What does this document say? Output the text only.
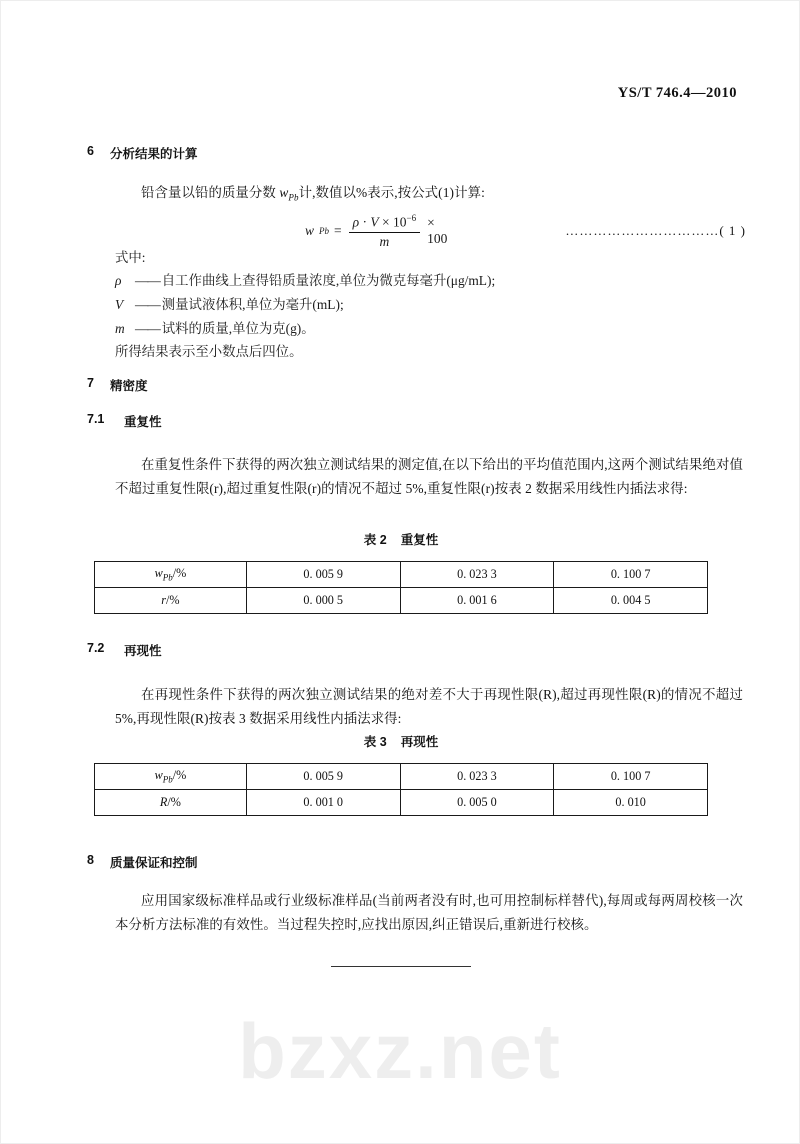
bzxz.net
YS/T 746.4—2010
6 分析结果的计算
铅含量以铅的质量分数 $w_{Pb}$计,数值以%表示,按公式(1)计算:
w $Pb = \frac{\rho \cdot V \times 10^{-6}}{m} \times 100$
……………………………( 1 )
式中:
ρ	—— 自工作曲线上查得铅质量浓度,单位为微克每毫升(μg/mL);
V —— 测量试液体积,单位为毫升(mL);
m —— 试料的质量,单位为克(g)。
所得结果表示至小数点后四位。
7 精密度
7.1	重复性
在重复性条件下获得的两次独立测试结果的测定值,在以下给出的平均值范围内,这两个测试结果绝对值不超过重复性限(r),超过重复性限(r)的情况不超过 5%,重复性限(r)按表 2 数据采用线性内插法求得:
表 2 重复性
$w_{Pb}/\%$	0. 005 9	0. 023 3	0. 100 7
r/%	0. 000 5	0. 001 6	0. 004 5
7.2	再现性
在再现性条件下获得的两次独立测试结果的绝对差不大于再现性限(R),超过再现性限(R)的情况不超过 5%,再现性限(R)按表 3 数据采用线性内插法求得:
表 3 再现性
$w_{Pb}/\%$	0. 005 9	0. 023 3	0. 100 7
R/%	0. 001 0	0. 005 0	0. 010
8 质量保证和控制
应用国家级标准样品或行业级标准样品(当前两者没有时,也可用控制标样替代),每周或每两周校核一次本分析方法标准的有效性。当过程失控时,应找出原因,纠正错误后,重新进行校核。
